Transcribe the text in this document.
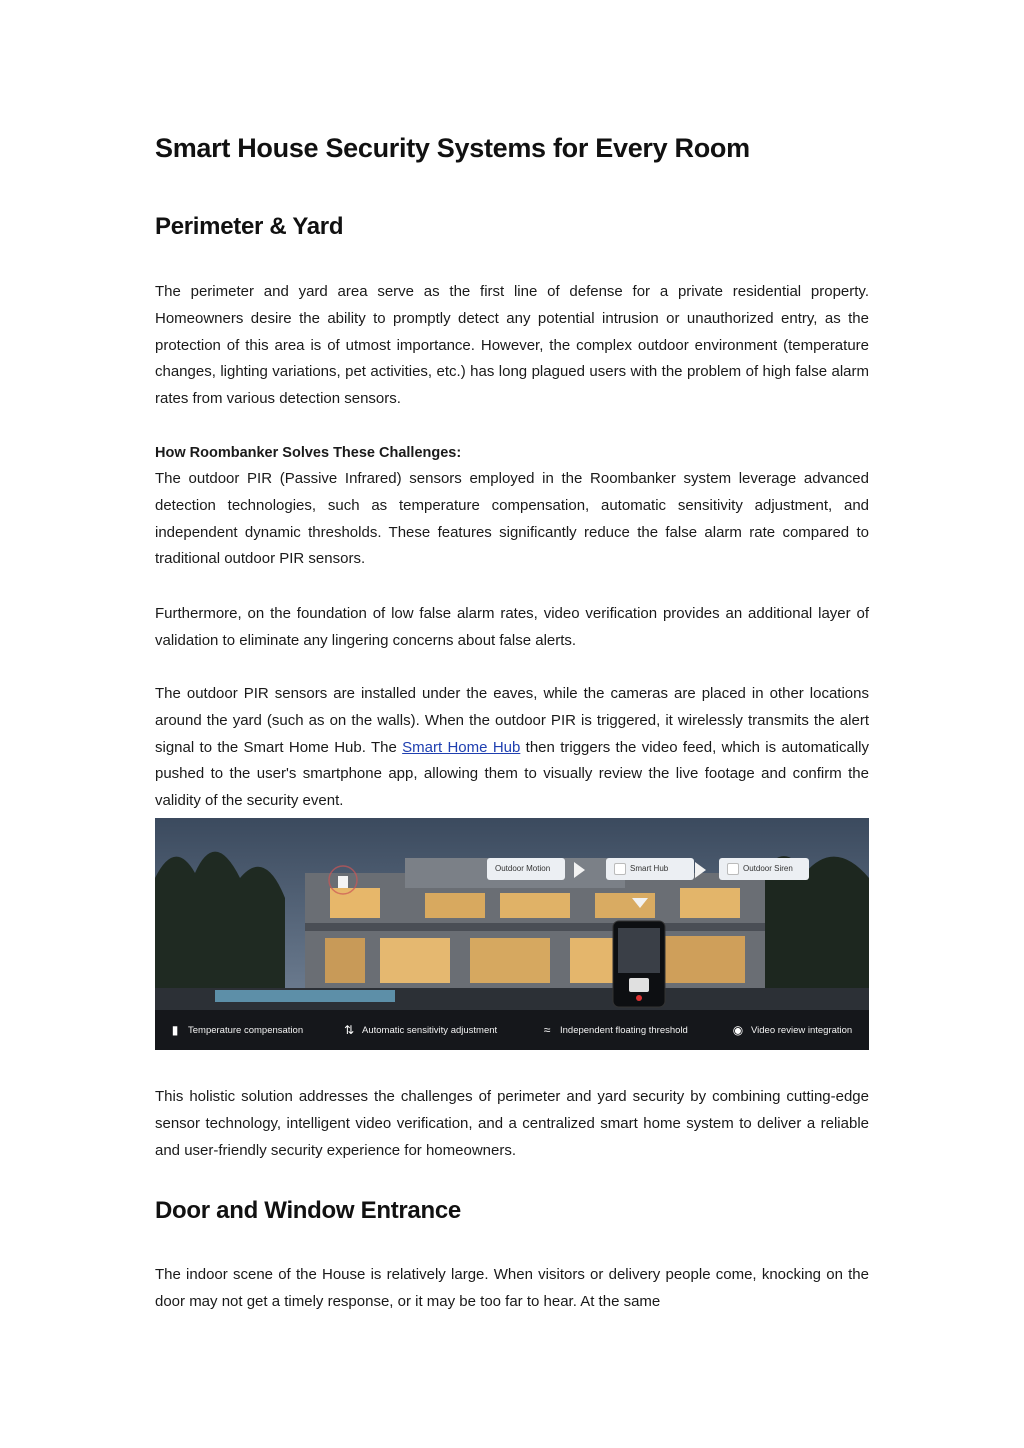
Smart House Security Systems for Every Room
Perimeter & Yard

The perimeter and yard area serve as the first line of defense for a private residential property. Homeowners desire the ability to promptly detect any potential intrusion or unauthorized entry, as the protection of this area is of utmost importance. However, the complex outdoor environment (temperature changes, lighting variations, pet activities, etc.) has long plagued users with the problem of high false alarm rates from various detection sensors.

How Roombanker Solves These Challenges:

The outdoor PIR (Passive Infrared) sensors employed in the Roombanker system leverage advanced detection technologies, such as temperature compensation, automatic sensitivity adjustment, and independent dynamic thresholds. These features significantly reduce the false alarm rate compared to traditional outdoor PIR sensors.

Furthermore, on the foundation of low false alarm rates, video verification provides an additional layer of validation to eliminate any lingering concerns about false alerts.

The outdoor PIR sensors are installed under the eaves, while the cameras are placed in other locations around the yard (such as on the walls). When the outdoor PIR is triggered, it wirelessly transmits the alert signal to the Smart Home Hub. The Smart Home Hub then triggers the video feed, which is automatically pushed to the user's smartphone app, allowing them to visually review the live footage and confirm the validity of the security event.

Outdoor Motion	Smart Hub	Outdoor Siren
▮ Temperature compensation	⇅ Automatic sensitivity adjustment	≈ Independent floating threshold	◉ Video review integration

This holistic solution addresses the challenges of perimeter and yard security by combining cutting-edge sensor technology, intelligent video verification, and a centralized smart home system to deliver a reliable and user-friendly security experience for homeowners.

Door and Window Entrance

The indoor scene of the House is relatively large. When visitors or delivery people come, knocking on the door may not get a timely response, or it may be too far to hear. At the same
